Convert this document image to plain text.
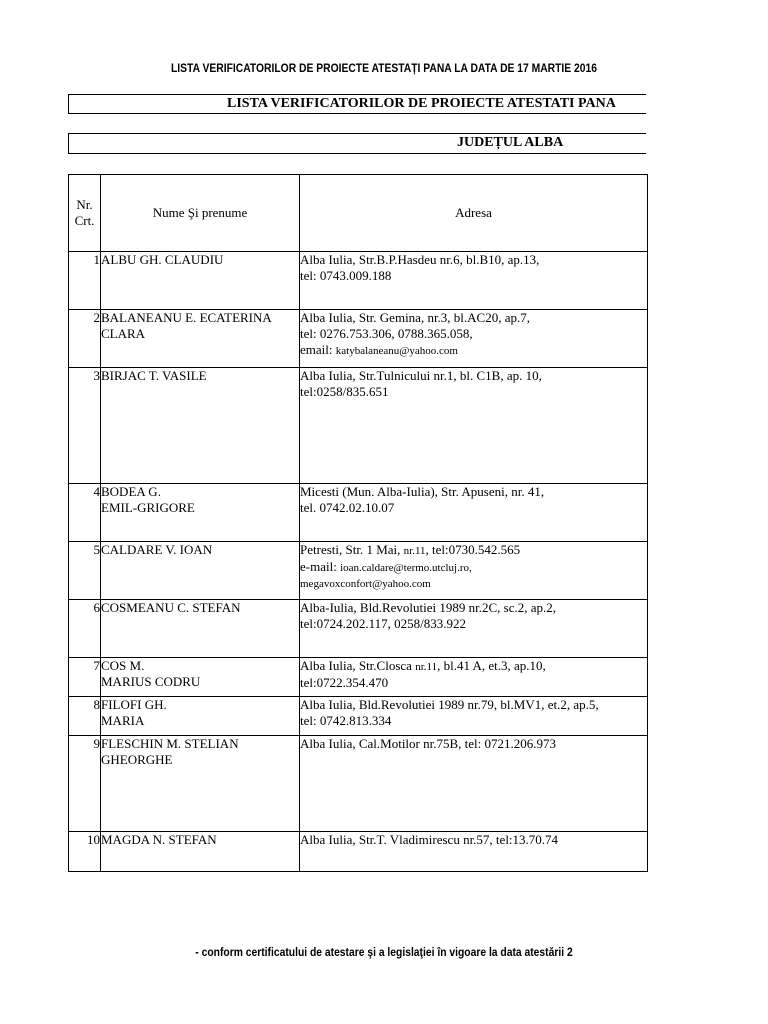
LISTA VERIFICATORILOR DE PROIECTE ATESTAȚI PANA LA DATA DE 17 MARTIE 2016
LISTA VERIFICATORILOR DE PROIECTE ATESTATI PANA
JUDEȚUL ALBA
Nr.
Crt.	Nume Şi prenume	Adresa
1	ALBU GH. CLAUDIU	Alba Iulia, Str.B.P.Hasdeu nr.6, bl.B10, ap.13,
tel: 0743.009.188

2	BALANEANU E. ECATERINA
CLARA	Alba Iulia, Str. Gemina, nr.3, bl.AC20, ap.7,
tel: 0276.753.306, 0788.365.058,
email: katybalaneanu@yahoo.com

3	BIRJAC T. VASILE	Alba Iulia, Str.Tulnicului nr.1, bl. C1B, ap. 10,
tel:0258/835.651

4	BODEA G.
EMIL-GRIGORE	Micesti (Mun. Alba-Iulia), Str. Apuseni, nr. 41,
tel. 0742.02.10.07

5	CALDARE V. IOAN	Petresti, Str. 1 Mai, nr.11, tel:0730.542.565
e-mail: ioan.caldare@termo.utcluj.ro,
megavoxconfort@yahoo.com

6	COSMEANU C. STEFAN	Alba-Iulia, Bld.Revolutiei 1989 nr.2C, sc.2, ap.2,
tel:0724.202.117, 0258/833.922

7	COS M.
MARIUS CODRU	Alba Iulia, Str.Closca nr.11, bl.41 A, et.3, ap.10,
tel:0722.354.470

8	FILOFI GH.
MARIA	Alba Iulia, Bld.Revolutiei 1989 nr.79, bl.MV1, et.2, ap.5,
tel: 0742.813.334

9	FLESCHIN M. STELIAN
GHEORGHE	Alba Iulia, Cal.Motilor nr.75B, tel: 0721.206.973

10	MAGDA N. STEFAN	Alba Iulia, Str.T. Vladimirescu nr.57, tel:13.70.74
- conform certificatului de atestare şi a legislaţiei în vigoare la data atestării 2
